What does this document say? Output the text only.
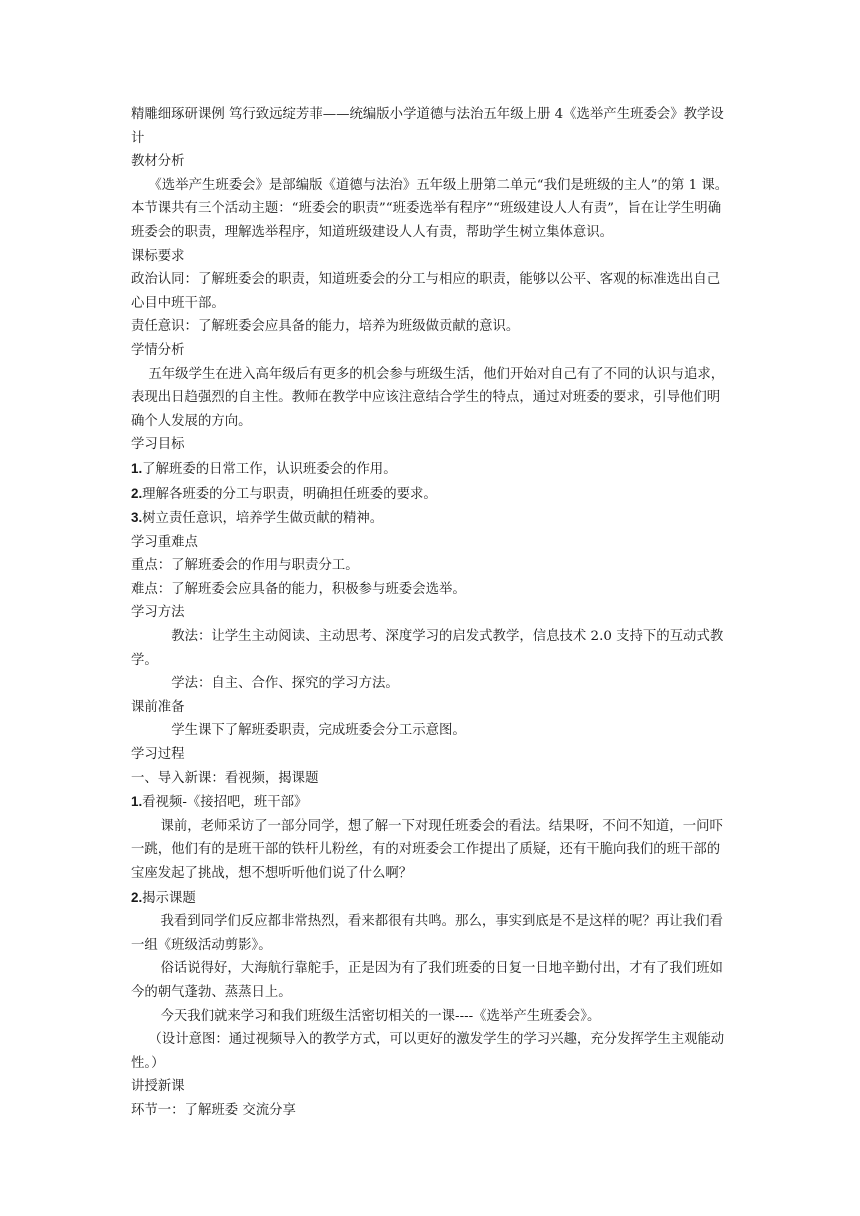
精雕细琢研课例 笃行致远绽芳菲——统编版小学道德与法治五年级上册 4《选举产生班委会》教学设计

教材分析

《选举产生班委会》是部编版《道德与法治》五年级上册第二单元“我们是班级的主人”的第 1 课。本节课共有三个活动主题：“班委会的职责”“班委选举有程序”“班级建设人人有责”，旨在让学生明确班委会的职责，理解选举程序，知道班级建设人人有责，帮助学生树立集体意识。

课标要求

政治认同：了解班委会的职责，知道班委会的分工与相应的职责，能够以公平、客观的标准选出自己心目中班干部。

责任意识：了解班委会应具备的能力，培养为班级做贡献的意识。

学情分析

五年级学生在进入高年级后有更多的机会参与班级生活，他们开始对自己有了不同的认识与追求，表现出日趋强烈的自主性。教师在教学中应该注意结合学生的特点，通过对班委的要求，引导他们明确个人发展的方向。

学习目标

1.了解班委的日常工作，认识班委会的作用。

2.理解各班委的分工与职责，明确担任班委的要求。

3.树立责任意识，培养学生做贡献的精神。

学习重难点

重点：了解班委会的作用与职责分工。

难点：了解班委会应具备的能力，积极参与班委会选举。

学习方法

教法：让学生主动阅读、主动思考、深度学习的启发式教学，信息技术 2.0 支持下的互动式教学。

学法：自主、合作、探究的学习方法。

课前准备

学生课下了解班委职责，完成班委会分工示意图。

学习过程

一、导入新课：看视频，揭课题

1.看视频-《接招吧，班干部》

课前，老师采访了一部分同学，想了解一下对现任班委会的看法。结果呀，不问不知道，一问吓一跳，他们有的是班干部的铁杆儿粉丝，有的对班委会工作提出了质疑，还有干脆向我们的班干部的宝座发起了挑战，想不想听听他们说了什么啊？

2.揭示课题

我看到同学们反应都非常热烈，看来都很有共鸣。那么，事实到底是不是这样的呢？再让我们看一组《班级活动剪影》。

俗话说得好，大海航行靠舵手，正是因为有了我们班委的日复一日地辛勤付出，才有了我们班如今的朝气蓬勃、蒸蒸日上。

今天我们就来学习和我们班级生活密切相关的一课----《选举产生班委会》。

（设计意图：通过视频导入的教学方式，可以更好的激发学生的学习兴趣，充分发挥学生主观能动性。）

讲授新课

环节一：了解班委 交流分享
